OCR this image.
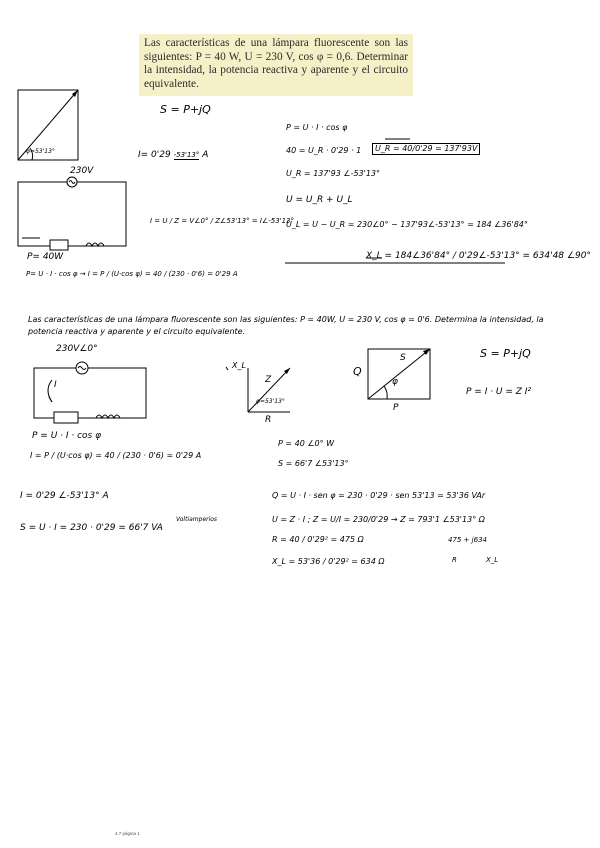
Las características de una lámpara fluorescente son las siguientes: P = 40 W, U = 230 V, cos φ = 0,6. Determinar la intensidad, la potencia reactiva y aparente y el circuito equivalente.
S = P+jQ
φ=53'13°	I= 0'29 -53'13° A
230V
P= 40W
P= U · I · cos φ → I = P / (U·cos φ) = 40 / (230 · 0'6) = 0'29 A
I = U / Z = V∠0° / Z∠53'13° = I∠-53'13°
P = U · I · cos φ
40 = U_R · 0'29 · 1	U_R = 40/0'29 = 137'93V
U_R = 137'93 ∠-53'13°
U = U_R + U_L
U_L = U − U_R = 230∠0° − 137'93∠-53'13° = 184 ∠36'84°
X_L = 184∠36'84° / 0'29∠-53'13° = 634'48 ∠90°
Las características de una lámpara fluorescente son las siguientes: P = 40W, U = 230 V, cos φ = 0'6. Determina la intensidad, la potencia reactiva y aparente y el circuito equivalente.
230V∠0°
I
X_L
Z
φ=53'13°
R
Q
S
φ
P
S = P+jQ
P = I · U = Z I²
P = U · I · cos φ
I = P / (U·cos φ) = 40 / (230 · 0'6) = 0'29 A
I = 0'29 ∠-53'13° A
S = U · I = 230 · 0'29 = 66'7 VA
Voltiamperios
P = 40 ∠0° W
S = 66'7 ∠53'13°
Q = U · I · sen φ = 230 · 0'29 · sen 53'13 = 53'36 VAr
U = Z · I ; Z = U/I = 230/0'29 → Z = 793'1 ∠53'13° Ω
R = 40 / 0'29² = 475 Ω
X_L = 53'36 / 0'29² = 634 Ω
475 + j634
R	X_L
4.7 página 1
